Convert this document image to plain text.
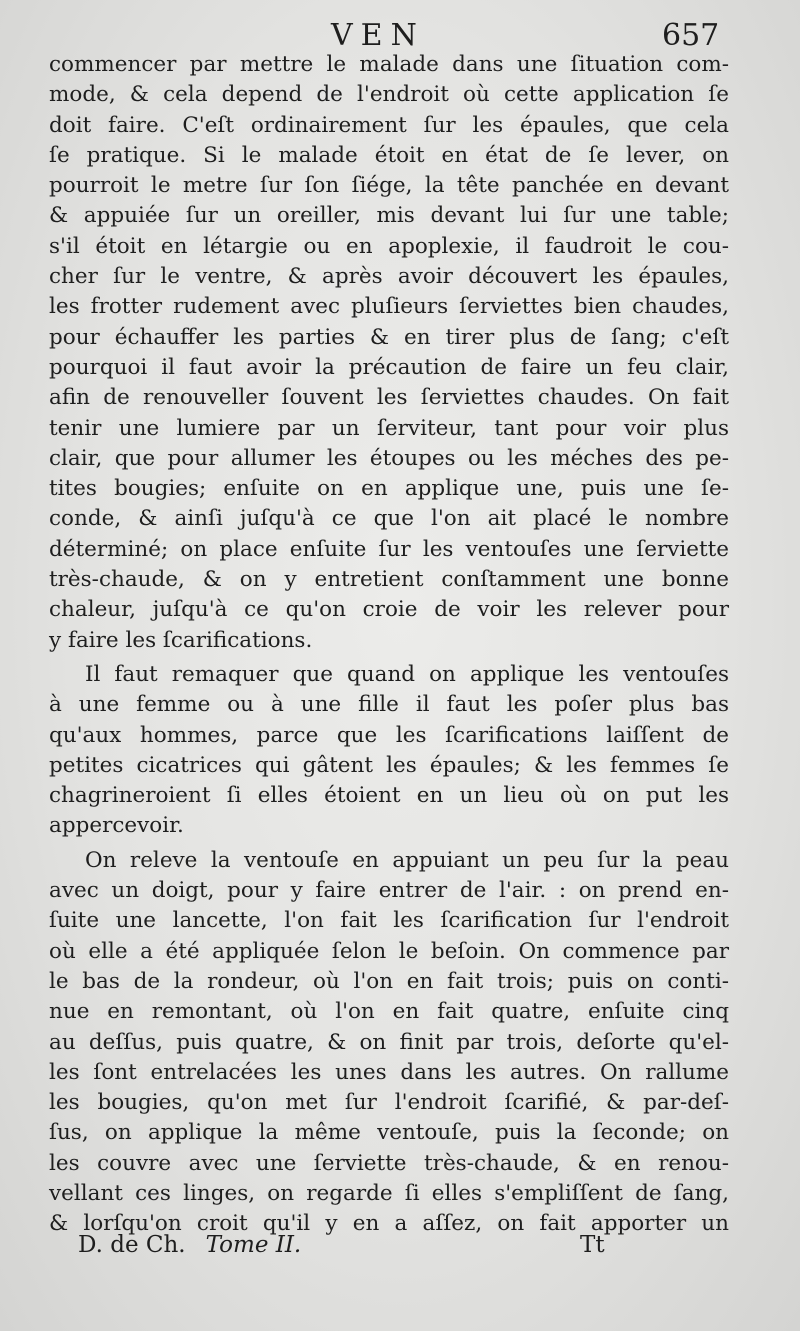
VEN	657
commencer par mettre le malade dans une ſituation com-
mode, & cela depend de l'endroit où cette application ſe
doit faire. C'eſt ordinairement ſur les épaules, que cela
ſe pratique. Si le malade étoit en état de ſe lever, on
pourroit le metre ſur ſon ſiége, la tête panchée en devant
& appuiée ſur un oreiller, mis devant lui ſur une table;
s'il étoit en létargie ou en apoplexie, il faudroit le cou-
cher ſur le ventre, & après avoir découvert les épaules,
les frotter rudement avec pluſieurs ſerviettes bien chaudes,
pour échauffer les parties & en tirer plus de ſang; c'eſt
pourquoi il faut avoir la précaution de faire un feu clair,
afin de renouveller ſouvent les ſerviettes chaudes. On fait
tenir une lumiere par un ſerviteur, tant pour voir plus
clair, que pour allumer les étoupes ou les méches des pe-
tites bougies; enſuite on en applique une, puis une ſe-
conde, & ainſi juſqu'à ce que l'on ait placé le nombre
déterminé; on place enſuite ſur les ventouſes une ſerviette
très-chaude, & on y entretient conſtamment une bonne
chaleur, juſqu'à ce qu'on croie de voir les relever pour
y faire les ſcarifications.
Il faut remaquer que quand on applique les ventouſes
à une femme ou à une fille il faut les poſer plus bas
qu'aux hommes, parce que les ſcarifications laiſſent de
petites cicatrices qui gâtent les épaules; & les femmes ſe
chagrineroient ſi elles étoient en un lieu où on put les
appercevoir.
On releve la ventouſe en appuiant un peu ſur la peau
avec un doigt, pour y faire entrer de l'air. : on prend en-
ſuite une lancette, l'on fait les ſcarification ſur l'endroit
où elle a été appliquée ſelon le beſoin. On commence par
le bas de la rondeur, où l'on en fait trois; puis on conti-
nue en remontant, où l'on en fait quatre, enſuite cinq
au deſſus, puis quatre, & on finit par trois, deſorte qu'el-
les ſont entrelacées les unes dans les autres. On rallume
les bougies, qu'on met ſur l'endroit ſcarifié, & par-deſ-
ſus, on applique la même ventouſe, puis la ſeconde; on
les couvre avec une ſerviette très-chaude, & en renou-
vellant ces linges, on regarde ſi elles s'empliſſent de ſang,
& lorſqu'on croit qu'il y en a aſſez, on fait apporter un
D. de Ch. Tome II.	Tt
